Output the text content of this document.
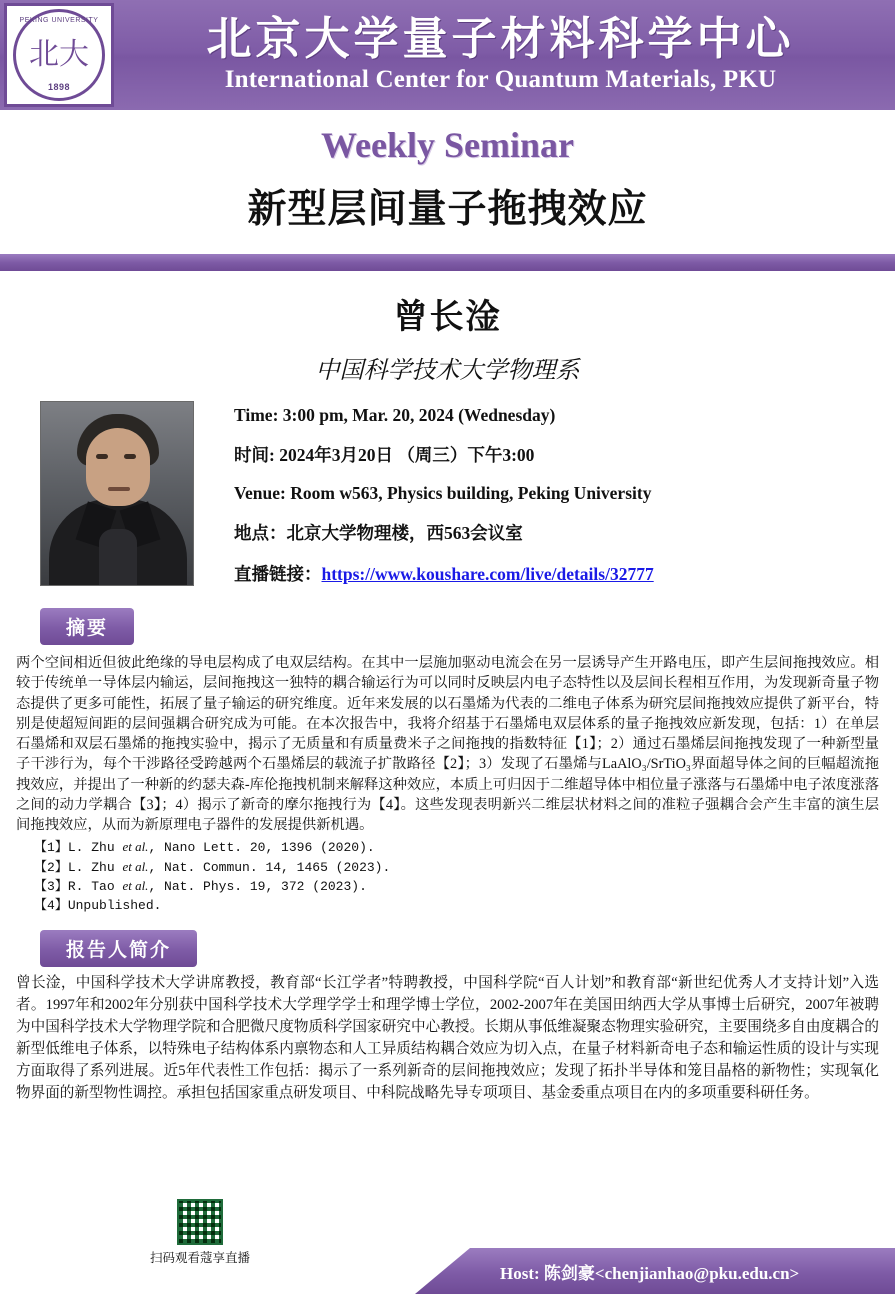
PEKING UNIVERSITY
北大
1898
北京大学量子材料科学中心
International Center for Quantum Materials, PKU
Weekly Seminar
新型层间量子拖拽效应
曾长淦
中国科学技术大学物理系
Time: 3:00 pm, Mar. 20, 2024 (Wednesday)
时间: 2024年3月20日 （周三）下午3:00
Venue: Room w563, Physics building, Peking University
地点：北京大学物理楼，西563会议室
直播链接：https://www.koushare.com/live/details/32777
摘要
两个空间相近但彼此绝缘的导电层构成了电双层结构。在其中一层施加驱动电流会在另一层诱导产生开路电压，即产生层间拖拽效应。相较于传统单一导体层内输运，层间拖拽这一独特的耦合输运行为可以同时反映层内电子态特性以及层间长程相互作用，为发现新奇量子物态提供了更多可能性，拓展了量子输运的研究维度。近年来发展的以石墨烯为代表的二维电子体系为研究层间拖拽效应提供了新平台，特别是使超短间距的层间强耦合研究成为可能。在本次报告中，我将介绍基于石墨烯电双层体系的量子拖拽效应新发现，包括：1）在单层石墨烯和双层石墨烯的拖拽实验中，揭示了无质量和有质量费米子之间拖拽的指数特征【1】；2）通过石墨烯层间拖拽发现了一种新型量子干涉行为，每个干涉路径受跨越两个石墨烯层的载流子扩散路径【2】；3）发现了石墨烯与LaAlO₃/SrTiO₃界面超导体之间的巨幅超流拖拽效应，并提出了一种新的约瑟夫森-库伦拖拽机制来解释这种效应，本质上可归因于二维超导体中相位量子涨落与石墨烯中电子浓度涨落之间的动力学耦合【3】；4）揭示了新奇的摩尔拖拽行为【4】。这些发现表明新兴二维层状材料之间的准粒子强耦合会产生丰富的演生层间拖拽效应，从而为新原理电子器件的发展提供新机遇。
【1】L. Zhu et al., Nano Lett. 20, 1396 (2020).
【2】L. Zhu et al., Nat. Commun. 14, 1465 (2023).
【3】R. Tao et al., Nat. Phys. 19, 372 (2023).
【4】Unpublished.
报告人简介
曾长淦，中国科学技术大学讲席教授，教育部“长江学者”特聘教授，中国科学院“百人计划”和教育部“新世纪优秀人才支持计划”入选者。1997年和2002年分别获中国科学技术大学理学学士和理学博士学位，2002-2007年在美国田纳西大学从事博士后研究，2007年被聘为中国科学技术大学物理学院和合肥微尺度物质科学国家研究中心教授。长期从事低维凝聚态物理实验研究，主要围绕多自由度耦合的新型低维电子体系，以特殊电子结构体系内禀物态和人工异质结构耦合效应为切入点，在量子材料新奇电子态和输运性质的设计与实现方面取得了系列进展。近5年代表性工作包括：揭示了一系列新奇的层间拖拽效应；发现了拓扑半导体和笼目晶格的新物性；实现氧化物界面的新型物性调控。承担包括国家重点研发项目、中科院战略先导专项项目、基金委重点项目在内的多项重要科研任务。
扫码观看蔻享直播
Host: 陈剑豪<chenjianhao@pku.edu.cn>
